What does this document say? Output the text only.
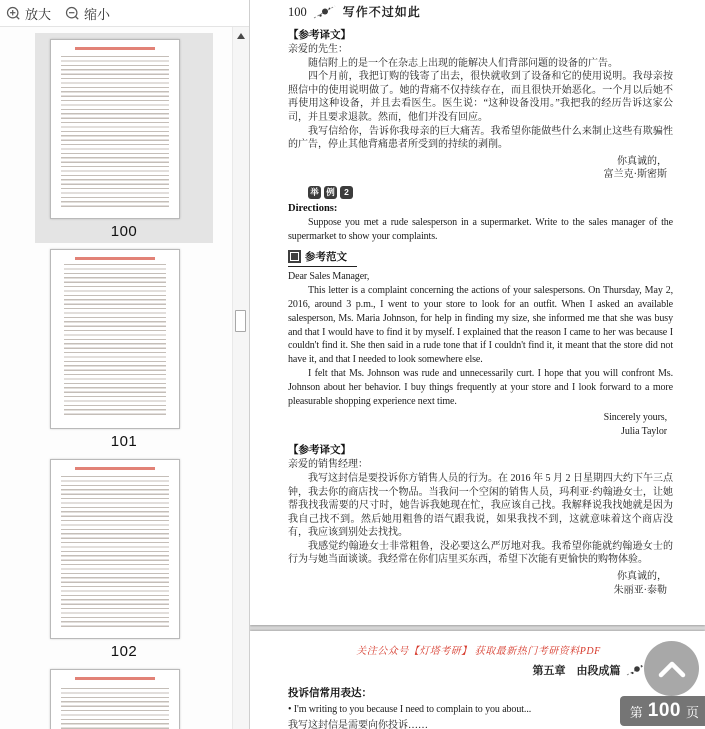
放大	缩小
100
101
102
100	写作不过如此
【参考译文】
亲爱的先生：

随信附上的是一个在杂志上出现的能解决人们背部问题的设备的广告。

四个月前，我把订购的钱寄了出去，很快就收到了设备和它的使用说明。我母亲按照信中的使用说明做了。她的背痛不仅持续存在，而且很快开始恶化。一个月以后她不再使用这种设备，并且去看医生。医生说：“这种设备没用。”我把我的经历告诉这家公司，并且要求退款。然而，他们并没有回应。

我写信给你，告诉你我母亲的巨大痛苦。我希望你能做些什么来制止这些有欺骗性的广告，停止其他背痛患者所受到的持续的剥削。

你真诚的，
富兰克·斯密斯
举 例	2
Directions:

Suppose you met a rude salesperson in a supermarket. Write to the sales manager of the supermarket to show your complaints.

参考范文
Dear Sales Manager,

This letter is a complaint concerning the actions of your salespersons. On Thursday, May 2, 2016, around 3 p.m., I went to your store to look for an outfit. When I asked an available salesperson, Ms. Maria Johnson, for help in finding my size, she informed me that she was busy and that I would have to find it by myself. I explained that the reason I came to her was because I couldn't find it. She then said in a rude tone that if I couldn't find it, it meant that the store did not have it, and that I needed to look somewhere else.

I felt that Ms. Johnson was rude and unnecessarily curt. I hope that you will confront Ms. Johnson about her behavior. I buy things frequently at your store and I look forward to a more pleasurable shopping experience next time.

Sincerely yours,
Julia Taylor
【参考译文】
亲爱的销售经理：

我写这封信是要投诉你方销售人员的行为。在 2016 年 5 月 2 日星期四大约下午三点钟，我去你的商店找一个物品。当我问一个空闲的销售人员，玛利亚·约翰逊女士，让她帮我找我需要的尺寸时，她告诉我她现在忙，我应该自己找。我解释说我找她就是因为我自己找不到。然后她用粗鲁的语气跟我说，如果我找不到，这就意味着这个商店没有，我应该到别处去找找。

我感觉约翰逊女士非常粗鲁，没必要这么严厉地对我。我希望你能就约翰逊女士的行为与她当面谈谈。我经常在你们店里买东西，希望下次能有更愉快的购物体验。

你真诚的，
朱丽亚·泰勒
关注公众号【灯塔考研】 获取最新热门考研资料PDF
第五章　由段成篇
投诉信常用表达：
• I'm writing to you because I need to complain to you about...
我写这封信是需要向你投诉……
第 100 页
